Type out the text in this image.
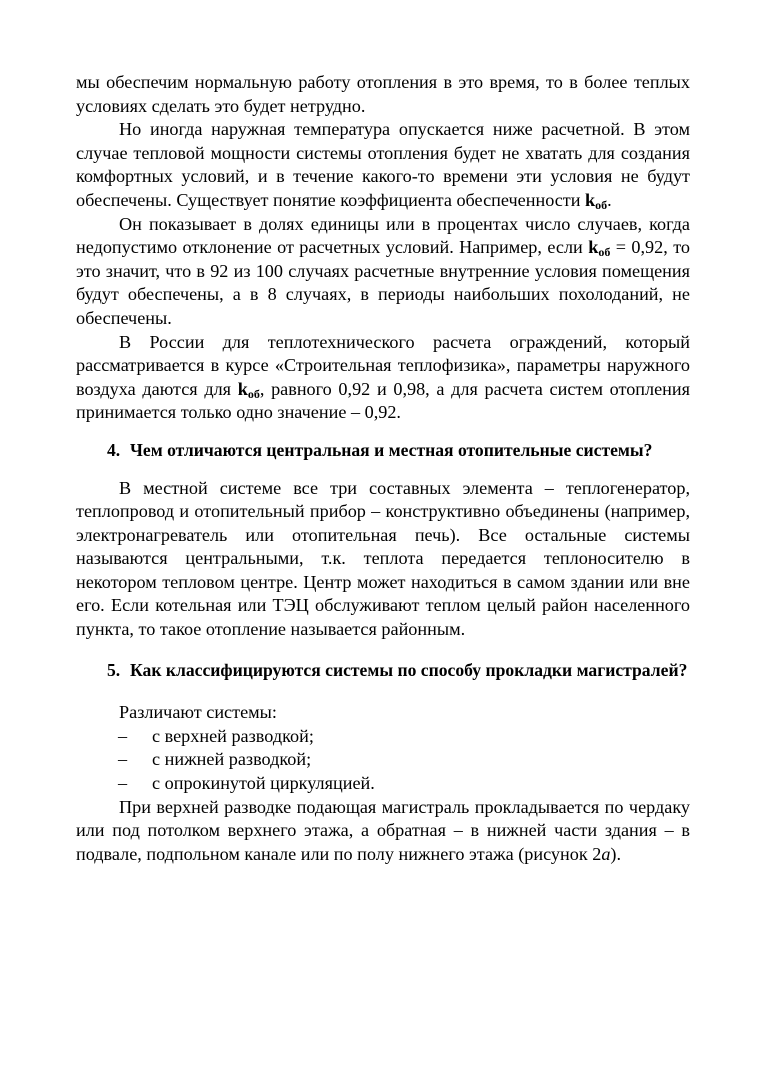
мы обеспечим нормальную работу отопления в это время, то в более теплых условиях сделать это будет нетрудно.

Но иногда наружная температура опускается ниже расчетной. В этом случае тепловой мощности системы отопления будет не хватать для создания комфортных условий, и в течение какого-то времени эти условия не будут обеспечены. Существует понятие коэффициента обеспеченности $k_{об}$.

Он показывает в долях единицы или в процентах число случаев, когда недопустимо отклонение от расчетных условий. Например, если $k_{об} = 0,92$, то это значит, что в 92 из 100 случаях расчетные внутренние условия помещения будут обеспечены, а в 8 случаях, в периоды наибольших похолоданий, не обеспечены.

В России для теплотехнического расчета ограждений, который рассматривается в курсе «Строительная теплофизика», параметры наружного воздуха даются для $k_{об}$, равного 0,92 и 0,98, а для расчета систем отопления принимается только одно значение – 0,92.

4. Чем отличаются центральная и местная отопительные системы?

В местной системе все три составных элемента – теплогенератор, теплопровод и отопительный прибор – конструктивно объединены (например, электронагреватель или отопительная печь). Все остальные системы называются центральными, т.к. теплота передается теплоносителю в некотором тепловом центре. Центр может находиться в самом здании или вне его. Если котельная или ТЭЦ обслуживают теплом целый район населенного пункта, то такое отопление называется районным.

5. Как классифицируются системы по способу прокладки магистралей?

Различают системы:

– с верхней разводкой;
– с нижней разводкой;
– с опрокинутой циркуляцией.

При верхней разводке подающая магистраль прокладывается по чердаку или под потолком верхнего этажа, а обратная – в нижней части здания – в подвале, подпольном канале или по полу нижнего этажа (рисунок 2а).
